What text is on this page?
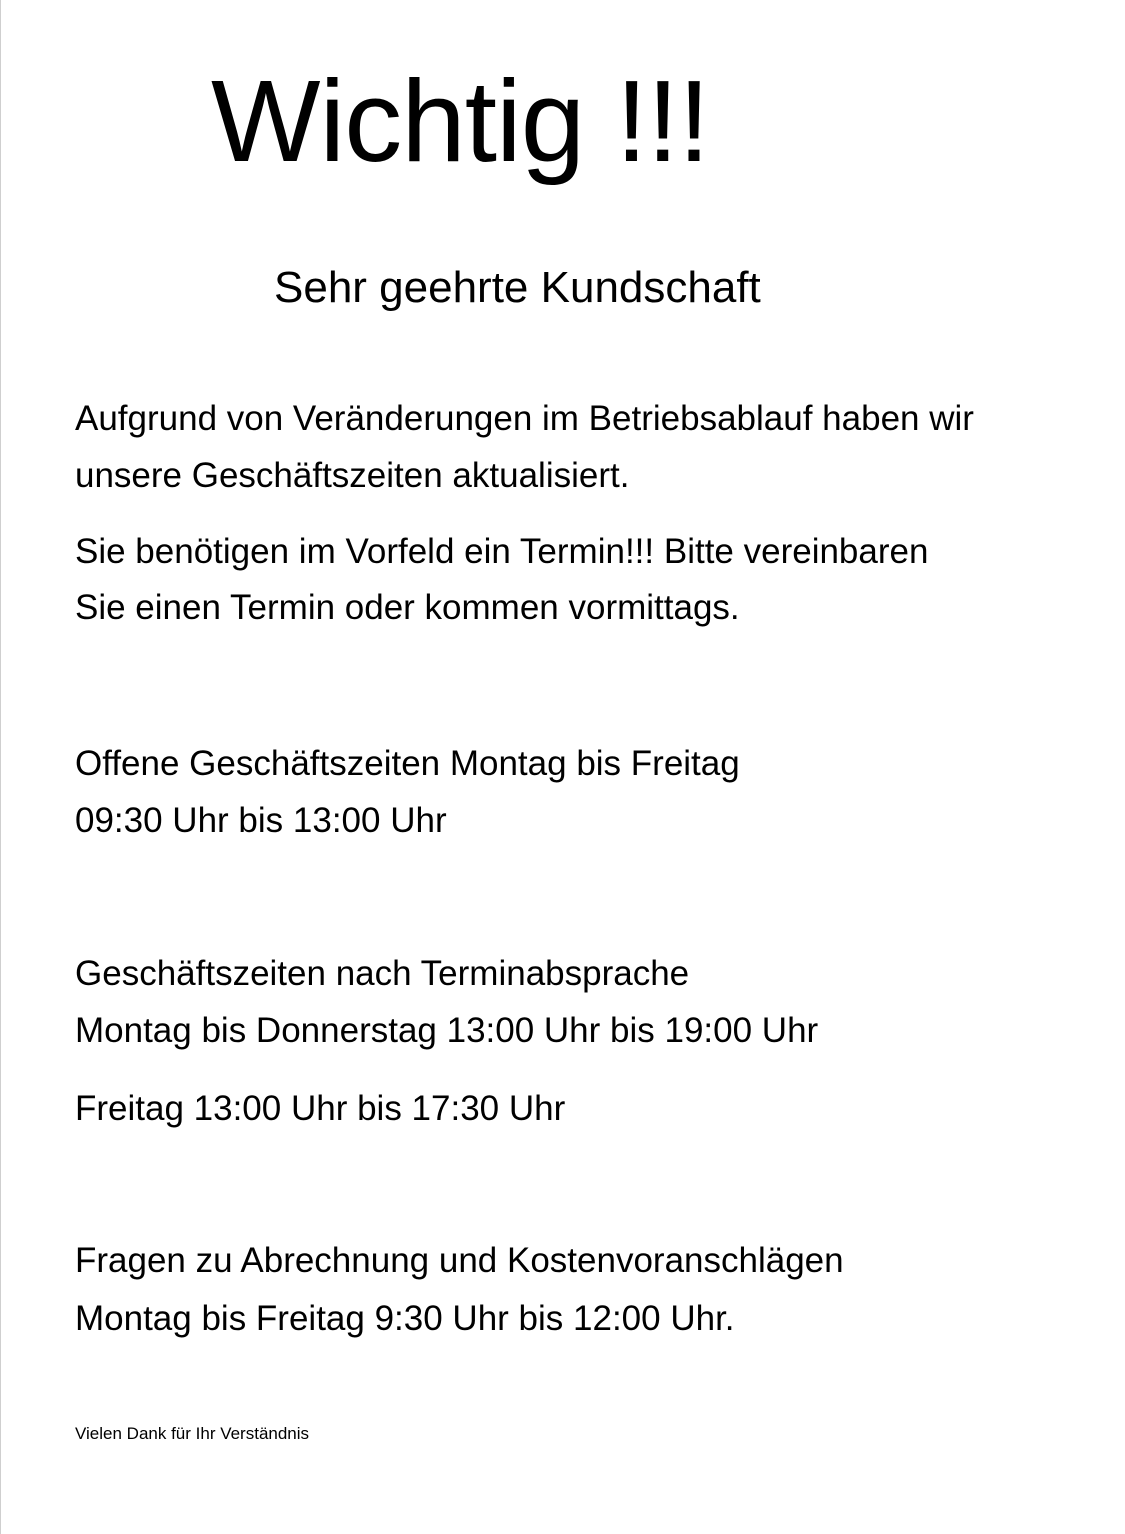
Wichtig !!!
Sehr geehrte Kundschaft
Aufgrund von Veränderungen im Betriebsablauf haben wir
unsere Geschäftszeiten aktualisiert.
Sie benötigen im Vorfeld ein Termin!!! Bitte vereinbaren
Sie einen Termin oder kommen vormittags.
Offene Geschäftszeiten Montag bis Freitag
09:30 Uhr bis 13:00 Uhr
Geschäftszeiten nach Terminabsprache
Montag bis Donnerstag 13:00 Uhr bis 19:00 Uhr
Freitag 13:00 Uhr bis 17:30 Uhr
Fragen zu Abrechnung und Kostenvoranschlägen
Montag bis Freitag 9:30 Uhr bis 12:00 Uhr.
Vielen Dank für Ihr Verständnis
